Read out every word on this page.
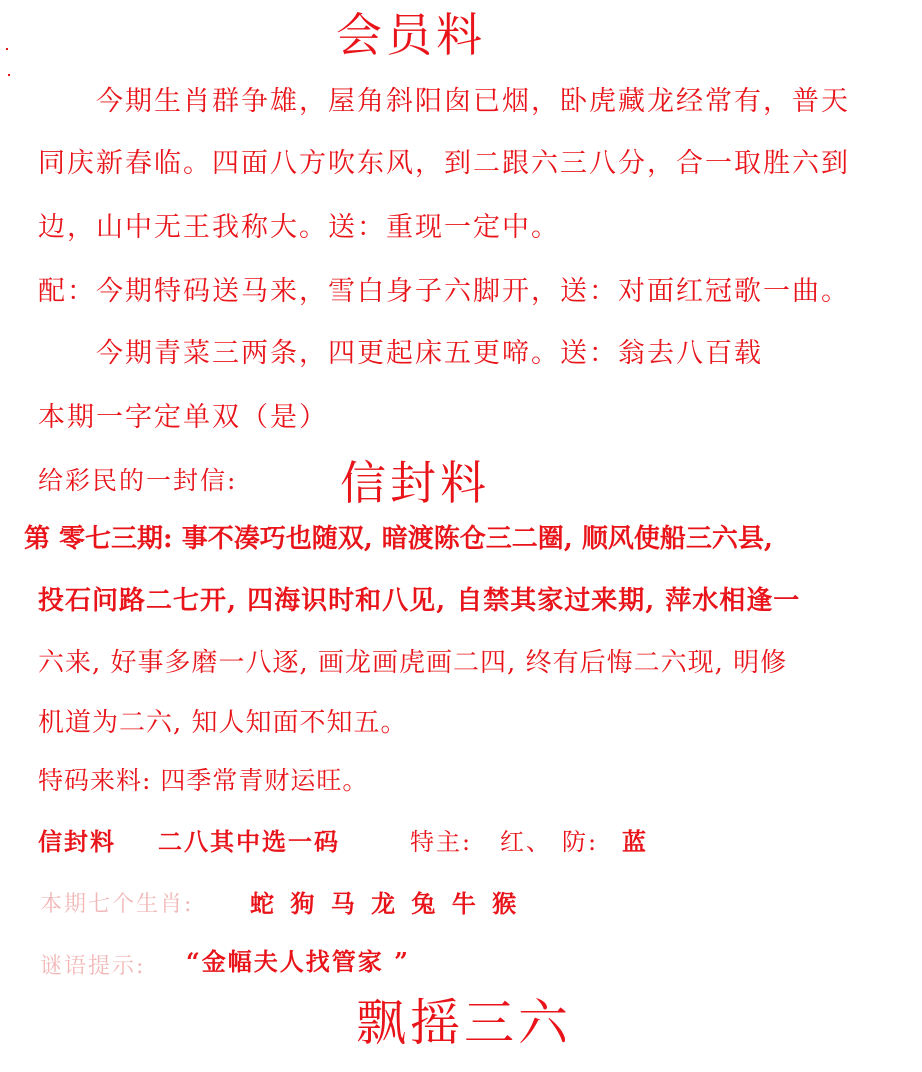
会员料
今期生肖群争雄，屋角斜阳囱已烟，卧虎藏龙经常有，普天
同庆新春临。四面八方吹东风，到二跟六三八分，合一取胜六到
边，山中无王我称大。送：重现一定中。
配：今期特码送马来，雪白身子六脚开，送：对面红冠歌一曲。
今期青菜三两条，四更起床五更啼。送：翁去八百载
本期一字定单双（是）
给彩民的一封信: 信封料
第 零七三期: 事不凑巧也随双, 暗渡陈仓三二圈, 顺风使船三六县,
投石问路二七开, 四海识时和八见, 自禁其家过来期, 萍水相逢一
六来, 好事多磨一八逐, 画龙画虎画二四, 终有后悔二六现, 明修
机道为二六, 知人知面不知五。
特码来料: 四季常青财运旺。
信封料 二八其中选一码	特主: 红、 防: 蓝
本期七个生肖: 蛇 狗 马 龙 兔 牛 猴
谜语提示: “金幅夫人找管家 ”
飘摇三六
